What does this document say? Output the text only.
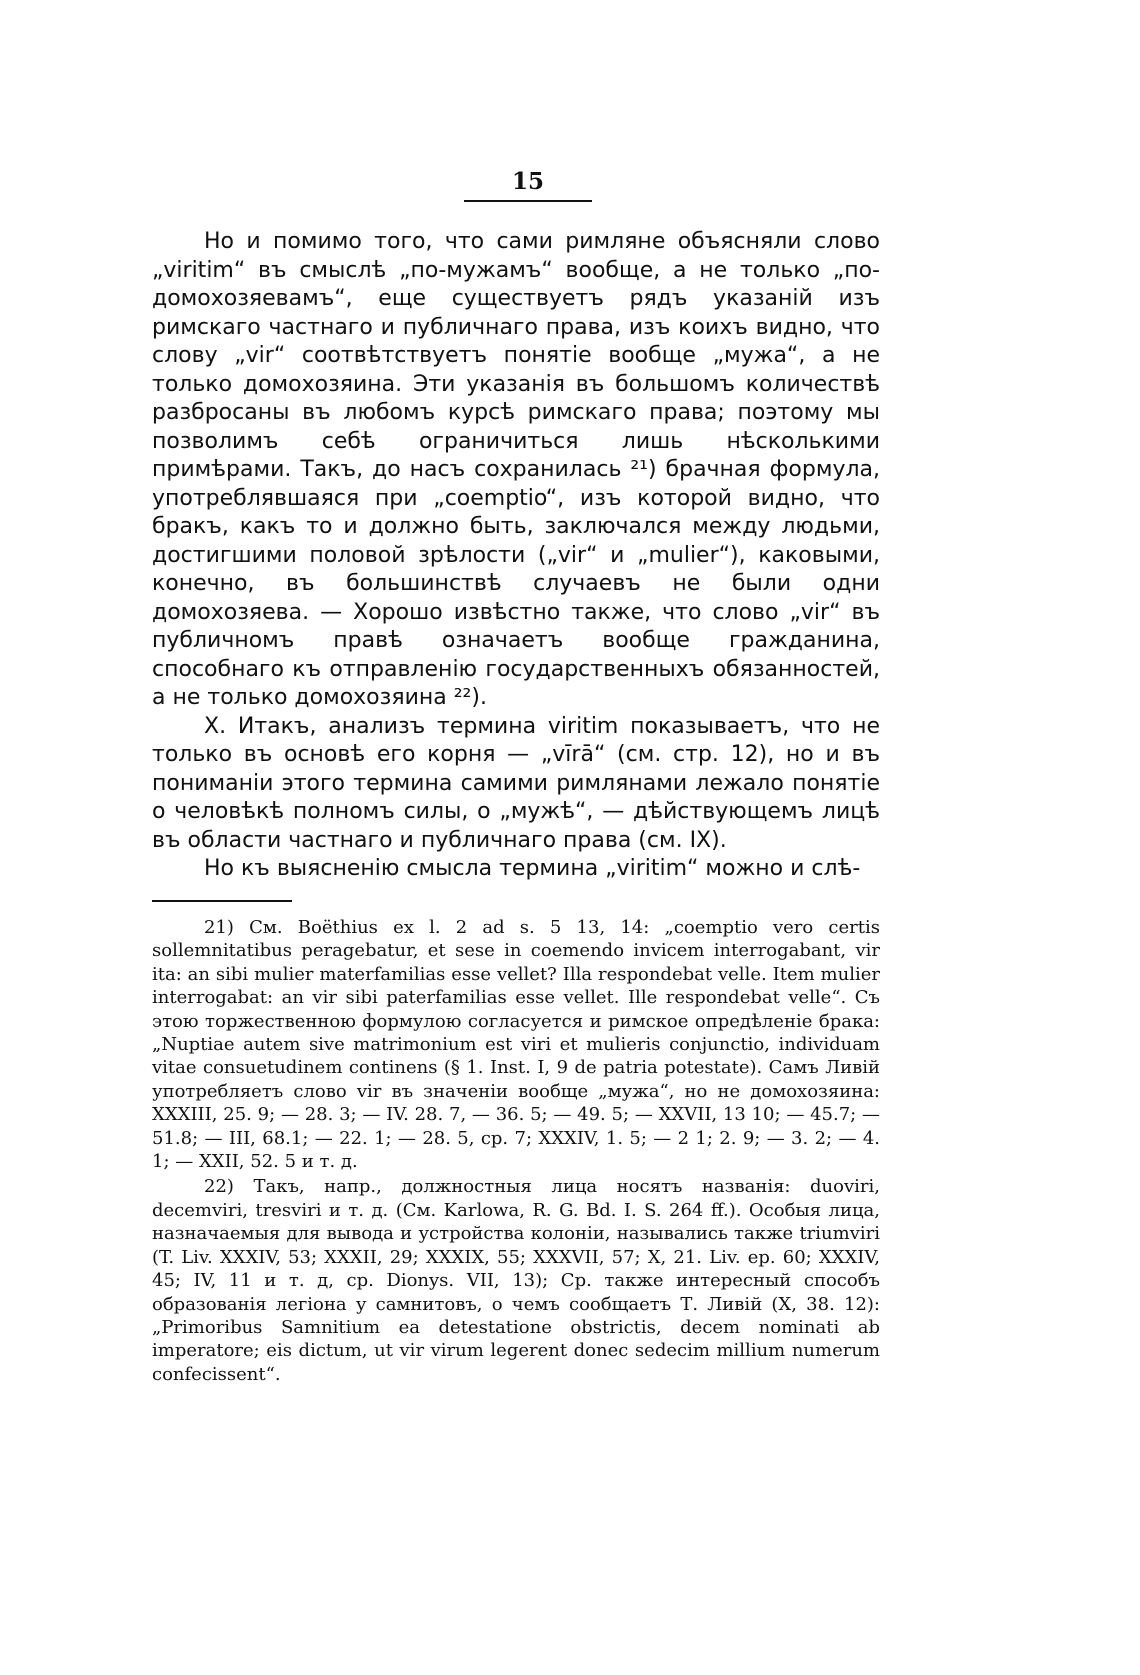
15

Но и помимо того, что сами римляне объясняли слово „viritim“ въ смыслѣ „по-мужамъ“ вообще, а не только „по-домохозяевамъ“, еще существуетъ рядъ указаній изъ римскаго частнаго и публичнаго права, изъ коихъ видно, что слову „vir“ соотвѣтствуетъ понятіе вообще „мужа“, а не только домохозяина. Эти указанія въ большомъ количествѣ разбросаны въ любомъ курсѣ римскаго права; поэтому мы позволимъ себѣ ограничиться лишь нѣсколькими примѣрами. Такъ, до насъ сохранилась ²¹) брачная формула, употреблявшаяся при „coemptio“, изъ которой видно, что бракъ, какъ то и должно быть, заключался между людьми, достигшими половой зрѣлости („vir“ и „mulier“), каковыми, конечно, въ большинствѣ случаевъ не были одни домохозяева. — Хорошо извѣстно также, что слово „vir“ въ публичномъ правѣ означаетъ вообще гражданина, способнаго къ отправленію государственныхъ обязанностей, а не только домохозяина ²²).

X. Итакъ, анализъ термина viritim показываетъ, что не только въ основѣ его корня — „vīrā“ (см. стр. 12), но и въ пониманіи этого термина самими римлянами лежало понятіе о человѣкѣ полномъ силы, о „мужѣ“, — дѣйствующемъ лицѣ въ области частнаго и публичнаго права (см. IX).

Но къ выясненію смысла термина „viritim“ можно и слѣ-

21) См. Boëthius ex l. 2 ad s. 5 13, 14: „coemptio vero certis sollemnitatibus peragebatur, et sese in coemendo invicem interrogabant, vir ita: an sibi mulier materfamilias esse vellet? Illa respondebat velle. Item mulier interrogabat: an vir sibi paterfamilias esse vellet. Ille respondebat velle“. Съ этою торжественною формулою согласуется и римское опредѣленіе брака: „Nuptiae autem sive matrimonium est viri et mulieris conjunctio, individuam vitae consuetudinem continens (§ 1. Inst. I, 9 de patria potestate). Самъ Ливій употребляетъ слово vir въ значеніи вообще „мужа“, но не домохозяина: XXXIII, 25. 9; — 28. 3; — IV. 28. 7, — 36. 5; — 49. 5; — XXVII, 13 10; — 45.7; — 51.8; — III, 68.1; — 22. 1; — 28. 5, ср. 7; XXXIV, 1. 5; — 2 1; 2. 9; — 3. 2; — 4. 1; — XXII, 52. 5 и т. д.

22) Такъ, напр., должностныя лица носятъ названія: duoviri, decemviri, tresviri и т. д. (См. Karlowa, R. G. Bd. I. S. 264 ff.). Особыя лица, назначаемыя для вывода и устройства колоніи, назывались также triumviri (T. Liv. XXXIV, 53; XXXII, 29; XXXIX, 55; XXXVII, 57; X, 21. Liv. ep. 60; XXXIV, 45; IV, 11 и т. д, ср. Dionys. VII, 13); Ср. также интересный способъ образованія легіона у самнитовъ, о чемъ сообщаетъ Т. Ливій (X, 38. 12): „Primoribus Samnitium ea detestatione obstrictis, decem nominati ab imperatore; eis dictum, ut vir virum legerent donec sedecim millium numerum confecissent“.
